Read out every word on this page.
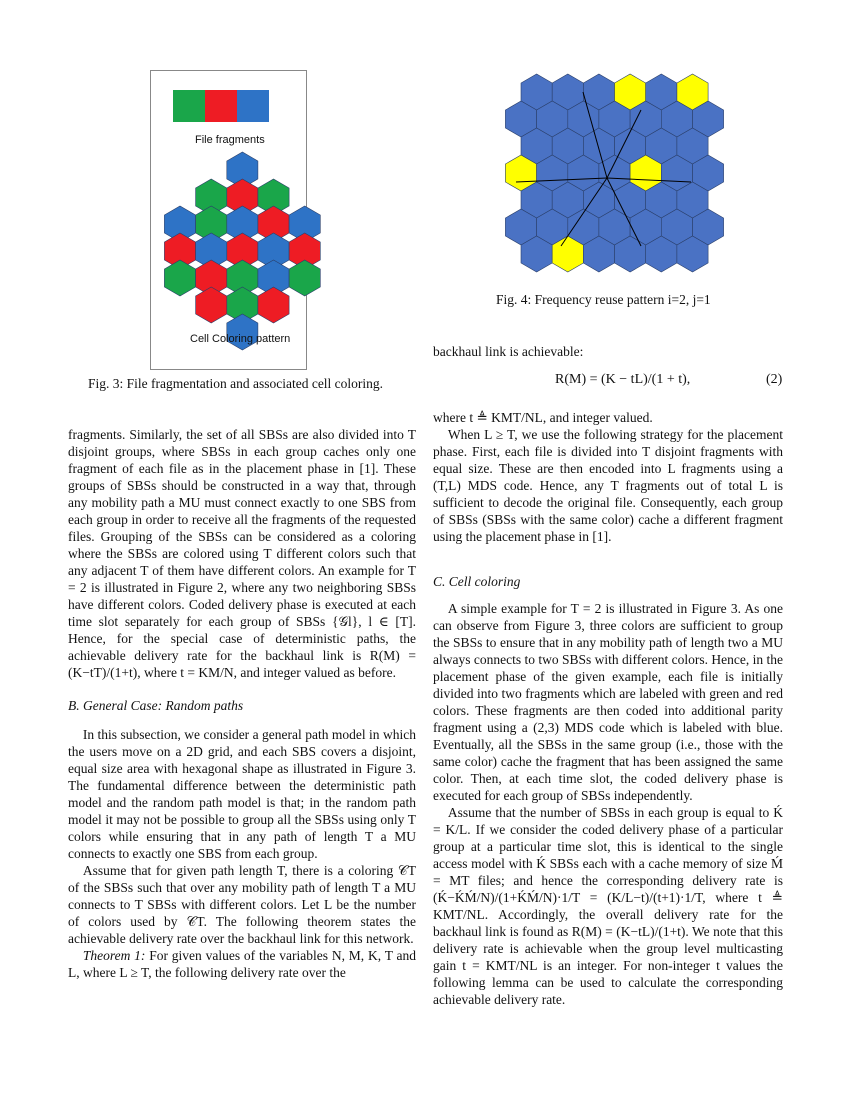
File fragments
Cell Coloring pattern
Fig. 3: File fragmentation and associated cell coloring.
Fig. 4: Frequency reuse pattern i=2, j=1

fragments. Similarly, the set of all SBSs are also divided into T disjoint groups, where SBSs in each group caches only one fragment of each file as in the placement phase in [1]. These groups of SBSs should be constructed in a way that, through any mobility path a MU must connect exactly to one SBS from each group in order to receive all the fragments of the requested files. Grouping of the SBSs can be considered as a coloring where the SBSs are colored using T different colors such that any adjacent T of them have different colors. An example for T = 2 is illustrated in Figure 2, where any two neighboring SBSs have different colors. Coded delivery phase is executed at each time slot separately for each group of SBSs {𝒢l}, l ∈ [T]. Hence, for the special case of deterministic paths, the achievable delivery rate for the backhaul link is R(M) = (K−tT)/(1+t), where t = KM/N, and integer valued as before.

B. General Case: Random paths

In this subsection, we consider a general path model in which the users move on a 2D grid, and each SBS covers a disjoint, equal size area with hexagonal shape as illustrated in Figure 3. The fundamental difference between the deterministic path model and the random path model is that; in the random path model it may not be possible to group all the SBSs using only T colors while ensuring that in any path of length T a MU connects to exactly one SBS from each group.

Assume that for given path length T, there is a coloring 𝒞T of the SBSs such that over any mobility path of length T a MU connects to T SBSs with different colors. Let L be the number of colors used by 𝒞T. The following theorem states the achievable delivery rate over the backhaul link for this network.

Theorem 1: For given values of the variables N, M, K, T and L, where L ≥ T, the following delivery rate over the

backhaul link is achievable:
R(M) = (K − tL)/(1 + t),	(2)

where t ≜ KMT/NL, and integer valued.

When L ≥ T, we use the following strategy for the placement phase. First, each file is divided into T disjoint fragments with equal size. These are then encoded into L fragments using a (T,L) MDS code. Hence, any T fragments out of total L is sufficient to decode the original file. Consequently, each group of SBSs (SBSs with the same color) cache a different fragment using the placement phase in [1].

C. Cell coloring

A simple example for T = 2 is illustrated in Figure 3. As one can observe from Figure 3, three colors are sufficient to group the SBSs to ensure that in any mobility path of length two a MU always connects to two SBSs with different colors. Hence, in the placement phase of the given example, each file is initially divided into two fragments which are labeled with green and red colors. These fragments are then coded into additional parity fragment using a (2,3) MDS code which is labeled with blue. Eventually, all the SBSs in the same group (i.e., those with the same color) cache the fragment that has been assigned the same color. Then, at each time slot, the coded delivery phase is executed for each group of SBSs independently.

Assume that the number of SBSs in each group is equal to Ḱ = K/L. If we consider the coded delivery phase of a particular group at a particular time slot, this is identical to the single access model with Ḱ SBSs each with a cache memory of size Ḿ = MT files; and hence the corresponding delivery rate is (Ḱ−ḰḾ/N)/(1+ḰḾ/N)·1/T = (K/L−t)/(t+1)·1/T, where t ≜ KMT/NL. Accordingly, the overall delivery rate for the backhaul link is found as R(M) = (K−tL)/(1+t). We note that this delivery rate is achievable when the group level multicasting gain t = KMT/NL is an integer. For non-integer t values the following lemma can be used to calculate the corresponding achievable delivery rate.
